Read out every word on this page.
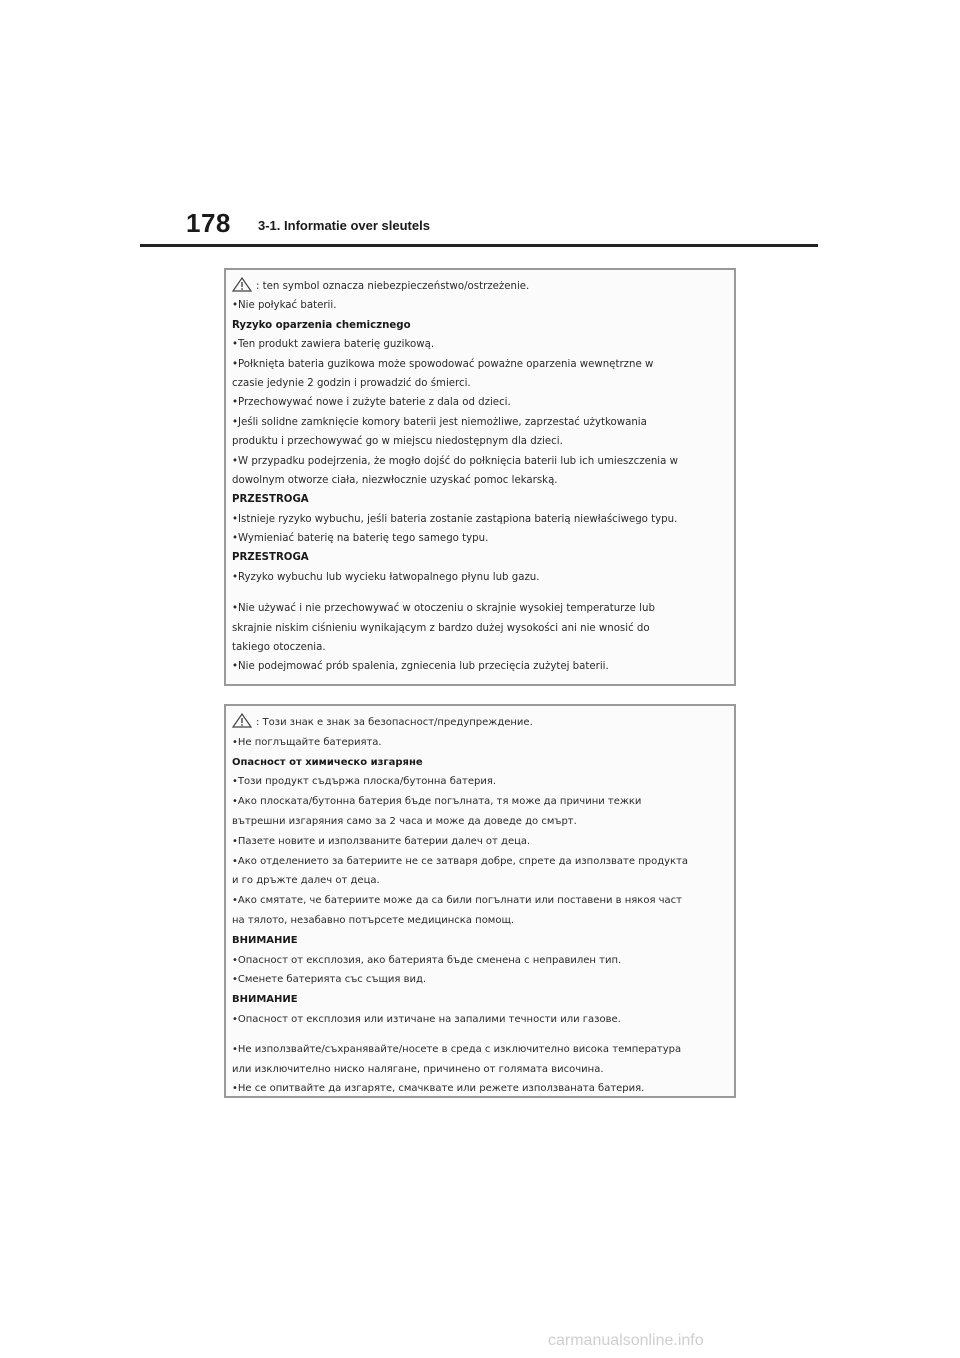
178 3-1. Informatie over sleutels
: ten symbol oznacza niebezpieczeństwo/ostrzeżenie.
•Nie połykać baterii.
Ryzyko oparzenia chemicznego
•Ten produkt zawiera baterię guzikową.
•Połknięta bateria guzikowa może spowodować poważne oparzenia wewnętrzne w
czasie jedynie 2 godzin i prowadzić do śmierci.
•Przechowywać nowe i zużyte baterie z dala od dzieci.
•Jeśli solidne zamknięcie komory baterii jest niemożliwe, zaprzestać użytkowania
produktu i przechowywać go w miejscu niedostępnym dla dzieci.
•W przypadku podejrzenia, że mogło dojść do połknięcia baterii lub ich umieszczenia w
dowolnym otworze ciała, niezwłocznie uzyskać pomoc lekarską.
PRZESTROGA
•Istnieje ryzyko wybuchu, jeśli bateria zostanie zastąpiona baterią niewłaściwego typu.
•Wymieniać baterię na baterię tego samego typu.
PRZESTROGA
•Ryzyko wybuchu lub wycieku łatwopalnego płynu lub gazu.
•Nie używać i nie przechowywać w otoczeniu o skrajnie wysokiej temperaturze lub
skrajnie niskim ciśnieniu wynikającym z bardzo dużej wysokości ani nie wnosić do
takiego otoczenia.
•Nie podejmować prób spalenia, zgniecenia lub przecięcia zużytej baterii.
: Този знак е знак за безопасност/предупреждение.
•Не поглъщайте батерията.
Опасност от химическо изгаряне
•Този продукт съдържа плоска/бутонна батерия.
•Ако плоската/бутонна батерия бъде погълната, тя може да причини тежки
вътрешни изгаряния само за 2 часа и може да доведе до смърт.
•Пазете новите и използваните батерии далеч от деца.
•Ако отделението за батериите не се затваря добре, спрете да използвате продукта
и го дръжте далеч от деца.
•Ако смятате, че батериите може да са били погълнати или поставени в някоя част
на тялото, незабавно потърсете медицинска помощ.
ВНИМАНИЕ
•Опасност от експлозия, ако батерията бъде сменена с неправилен тип.
•Сменете батерията със същия вид.
ВНИМАНИЕ
•Опасност от експлозия или изтичане на запалими течности или газове.
•Не използвайте/съхранявайте/носете в среда с изключително висока температура
или изключително ниско налягане, причинено от голямата височина.
•Не се опитвайте да изгаряте, смачквате или режете използваната батерия.
carmanualsonline.info
